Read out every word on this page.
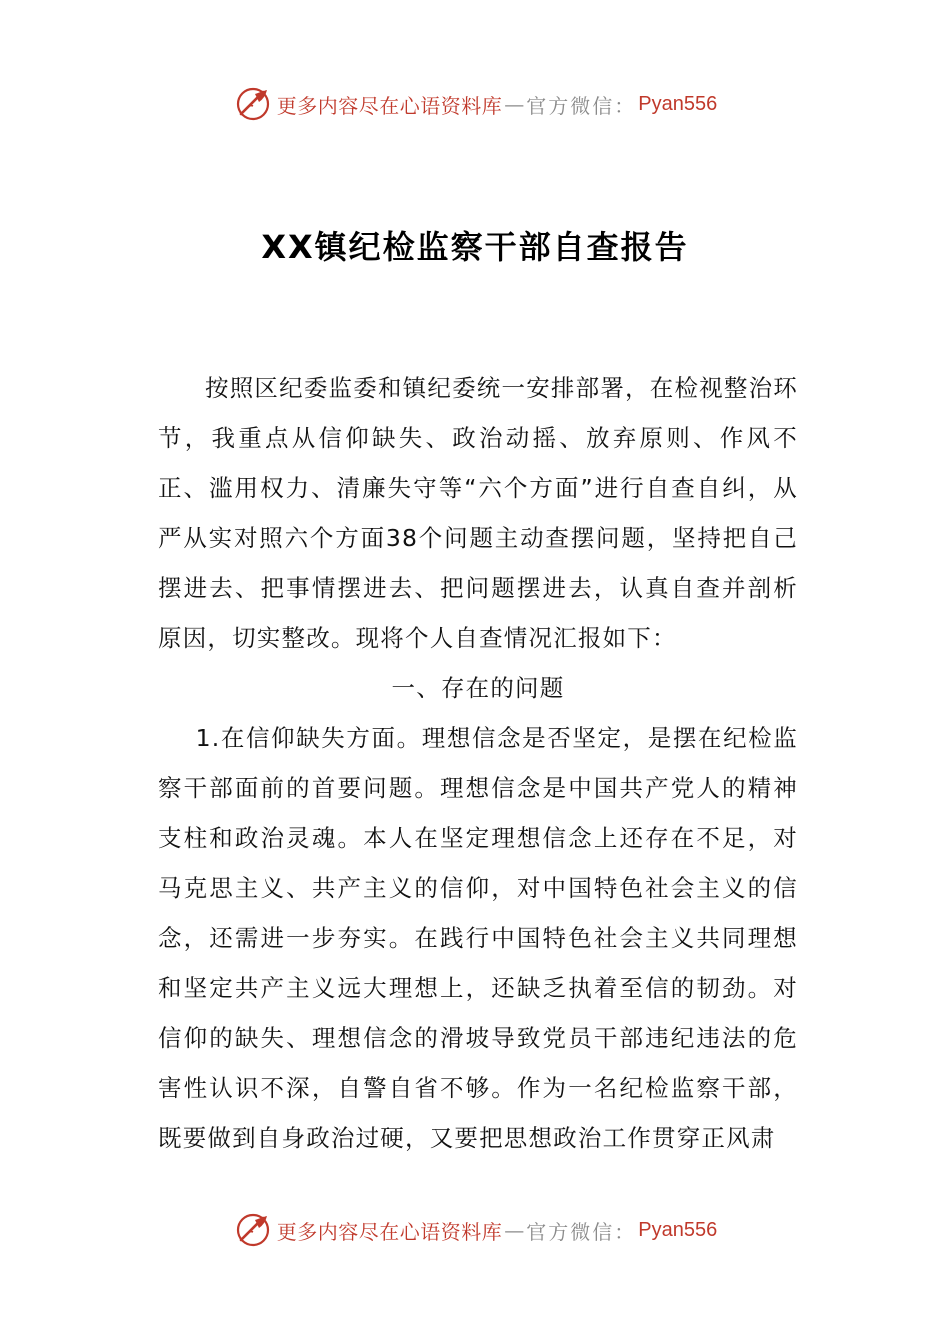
更多内容尽在心语资料库 — 官方微信： Pyan556
XX镇纪检监察干部自查报告

按照区纪委监委和镇纪委统一安排部署，在检视整治环节，我重点从信仰缺失、政治动摇、放弃原则、作风不正、滥用权力、清廉失守等“六个方面”进行自查自纠，从严从实对照六个方面38个问题主动查摆问题，坚持把自己摆进去、把事情摆进去、把问题摆进去，认真自查并剖析原因，切实整改。现将个人自查情况汇报如下：

一、存在的问题

1.在信仰缺失方面。理想信念是否坚定，是摆在纪检监察干部面前的首要问题。理想信念是中国共产党人的精神支柱和政治灵魂。本人在坚定理想信念上还存在不足，对马克思主义、共产主义的信仰，对中国特色社会主义的信念，还需进一步夯实。在践行中国特色社会主义共同理想和坚定共产主义远大理想上，还缺乏执着至信的韧劲。对信仰的缺失、理想信念的滑坡导致党员干部违纪违法的危害性认识不深，自警自省不够。作为一名纪检监察干部，既要做到自身政治过硬，又要把思想政治工作贯穿正风肃

更多内容尽在心语资料库 — 官方微信： Pyan556
